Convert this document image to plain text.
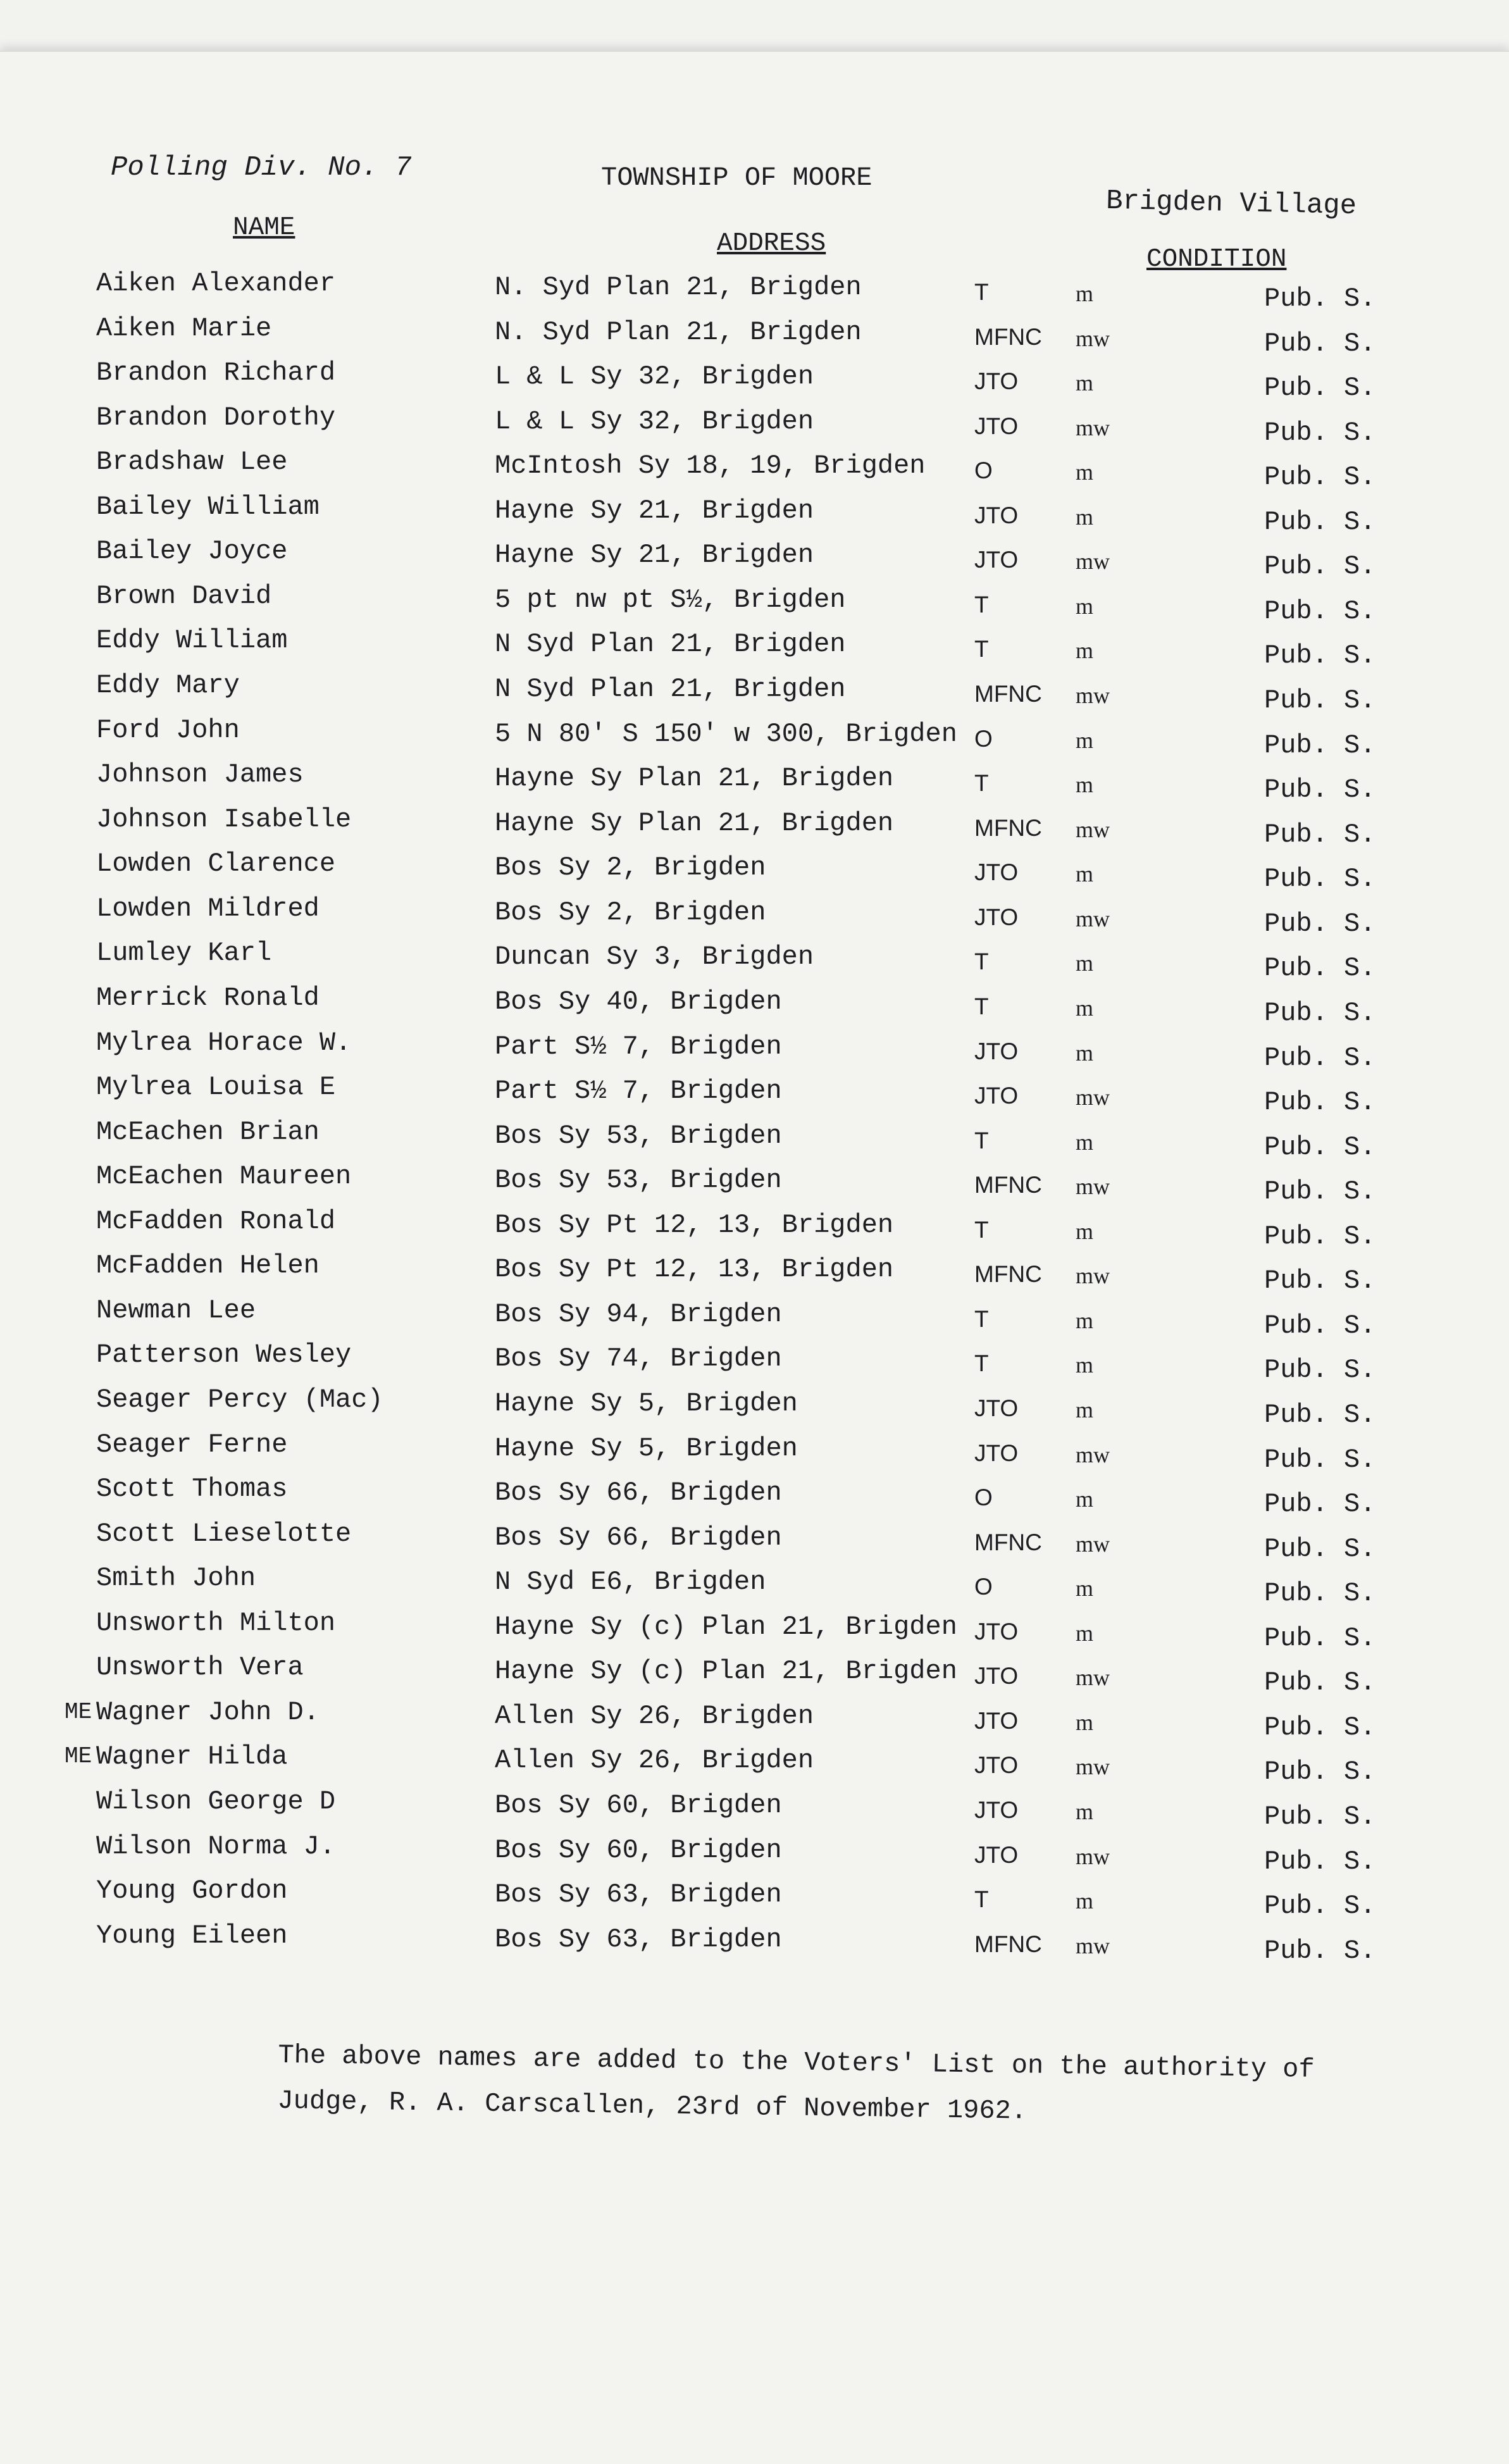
Polling Div. No. 7	TOWNSHIP OF MOORE
Brigden Village
NAME
ADDRESS
CONDITION
Aiken Alexander	N. Syd Plan 21, Brigden	T	m	Pub. S.
Aiken Marie	N. Syd Plan 21, Brigden	MFNC mw	Pub. S.
Brandon Richard	L & L Sy 32, Brigden	JTO	m	Pub. S.
Brandon Dorothy	L & L Sy 32, Brigden	JTO	mw	Pub. S.
Bradshaw Lee	McIntosh Sy 18, 19, Brigden O	m	Pub. S.
Bailey William	Hayne Sy 21, Brigden	JTO	m	Pub. S.
Bailey Joyce	Hayne Sy 21, Brigden	JTO	mw	Pub. S.
Brown David	5 pt nw pt S½, Brigden	T	m	Pub. S.
Eddy William	N Syd Plan 21, Brigden	T	m	Pub. S.
Eddy Mary	N Syd Plan 21, Brigden	MFNC mw	Pub. S.
Ford John	5 N 80' S 150' w 300, Brigden O	m	Pub. S.
Johnson James	Hayne Sy Plan 21, Brigden	T	m	Pub. S.
Johnson Isabelle	Hayne Sy Plan 21, Brigden	MFNC mw	Pub. S.
Lowden Clarence	Bos Sy 2, Brigden	JTO	m	Pub. S.
Lowden Mildred	Bos Sy 2, Brigden	JTO	mw	Pub. S.
Lumley Karl	Duncan Sy 3, Brigden	T	m	Pub. S.
Merrick Ronald	Bos Sy 40, Brigden	T	m	Pub. S.
Mylrea Horace W.	Part S½ 7, Brigden	JTO	m	Pub. S.
Mylrea Louisa E	Part S½ 7, Brigden	JTO	mw	Pub. S.
McEachen Brian	Bos Sy 53, Brigden	T	m	Pub. S.
McEachen Maureen	Bos Sy 53, Brigden	MFNC mw	Pub. S.
McFadden Ronald	Bos Sy Pt 12, 13, Brigden	T	m	Pub. S.
McFadden Helen	Bos Sy Pt 12, 13, Brigden	MFNC mw	Pub. S.
Newman Lee	Bos Sy 94, Brigden	T	m	Pub. S.
Patterson Wesley	Bos Sy 74, Brigden	T	m	Pub. S.
Seager Percy (Mac)	Hayne Sy 5, Brigden	JTO	m	Pub. S.
Seager Ferne	Hayne Sy 5, Brigden	JTO	mw	Pub. S.
Scott Thomas	Bos Sy 66, Brigden	O	m	Pub. S.
Scott Lieselotte	Bos Sy 66, Brigden	MFNC mw	Pub. S.
Smith John	N Syd E6, Brigden	O	m	Pub. S.
Unsworth Milton	Hayne Sy (c) Plan 21, Brigden JTO	m	Pub. S.
Unsworth Vera	Hayne Sy (c) Plan 21, Brigden JTO	mw	Pub. S.
ME Wagner John D.	Allen Sy 26, Brigden	JTO	m	Pub. S.
ME Wagner Hilda	Allen Sy 26, Brigden	JTO	mw	Pub. S.
Wilson George D	Bos Sy 60, Brigden	JTO	m	Pub. S.
Wilson Norma J.	Bos Sy 60, Brigden	JTO	mw	Pub. S.
Young Gordon	Bos Sy 63, Brigden	T	m	Pub. S.
Young Eileen	Bos Sy 63, Brigden	MFNC mw	Pub. S.
The above names are added to the Voters' List on the authority of Judge, R. A. Carscallen, 23rd of November 1962.
